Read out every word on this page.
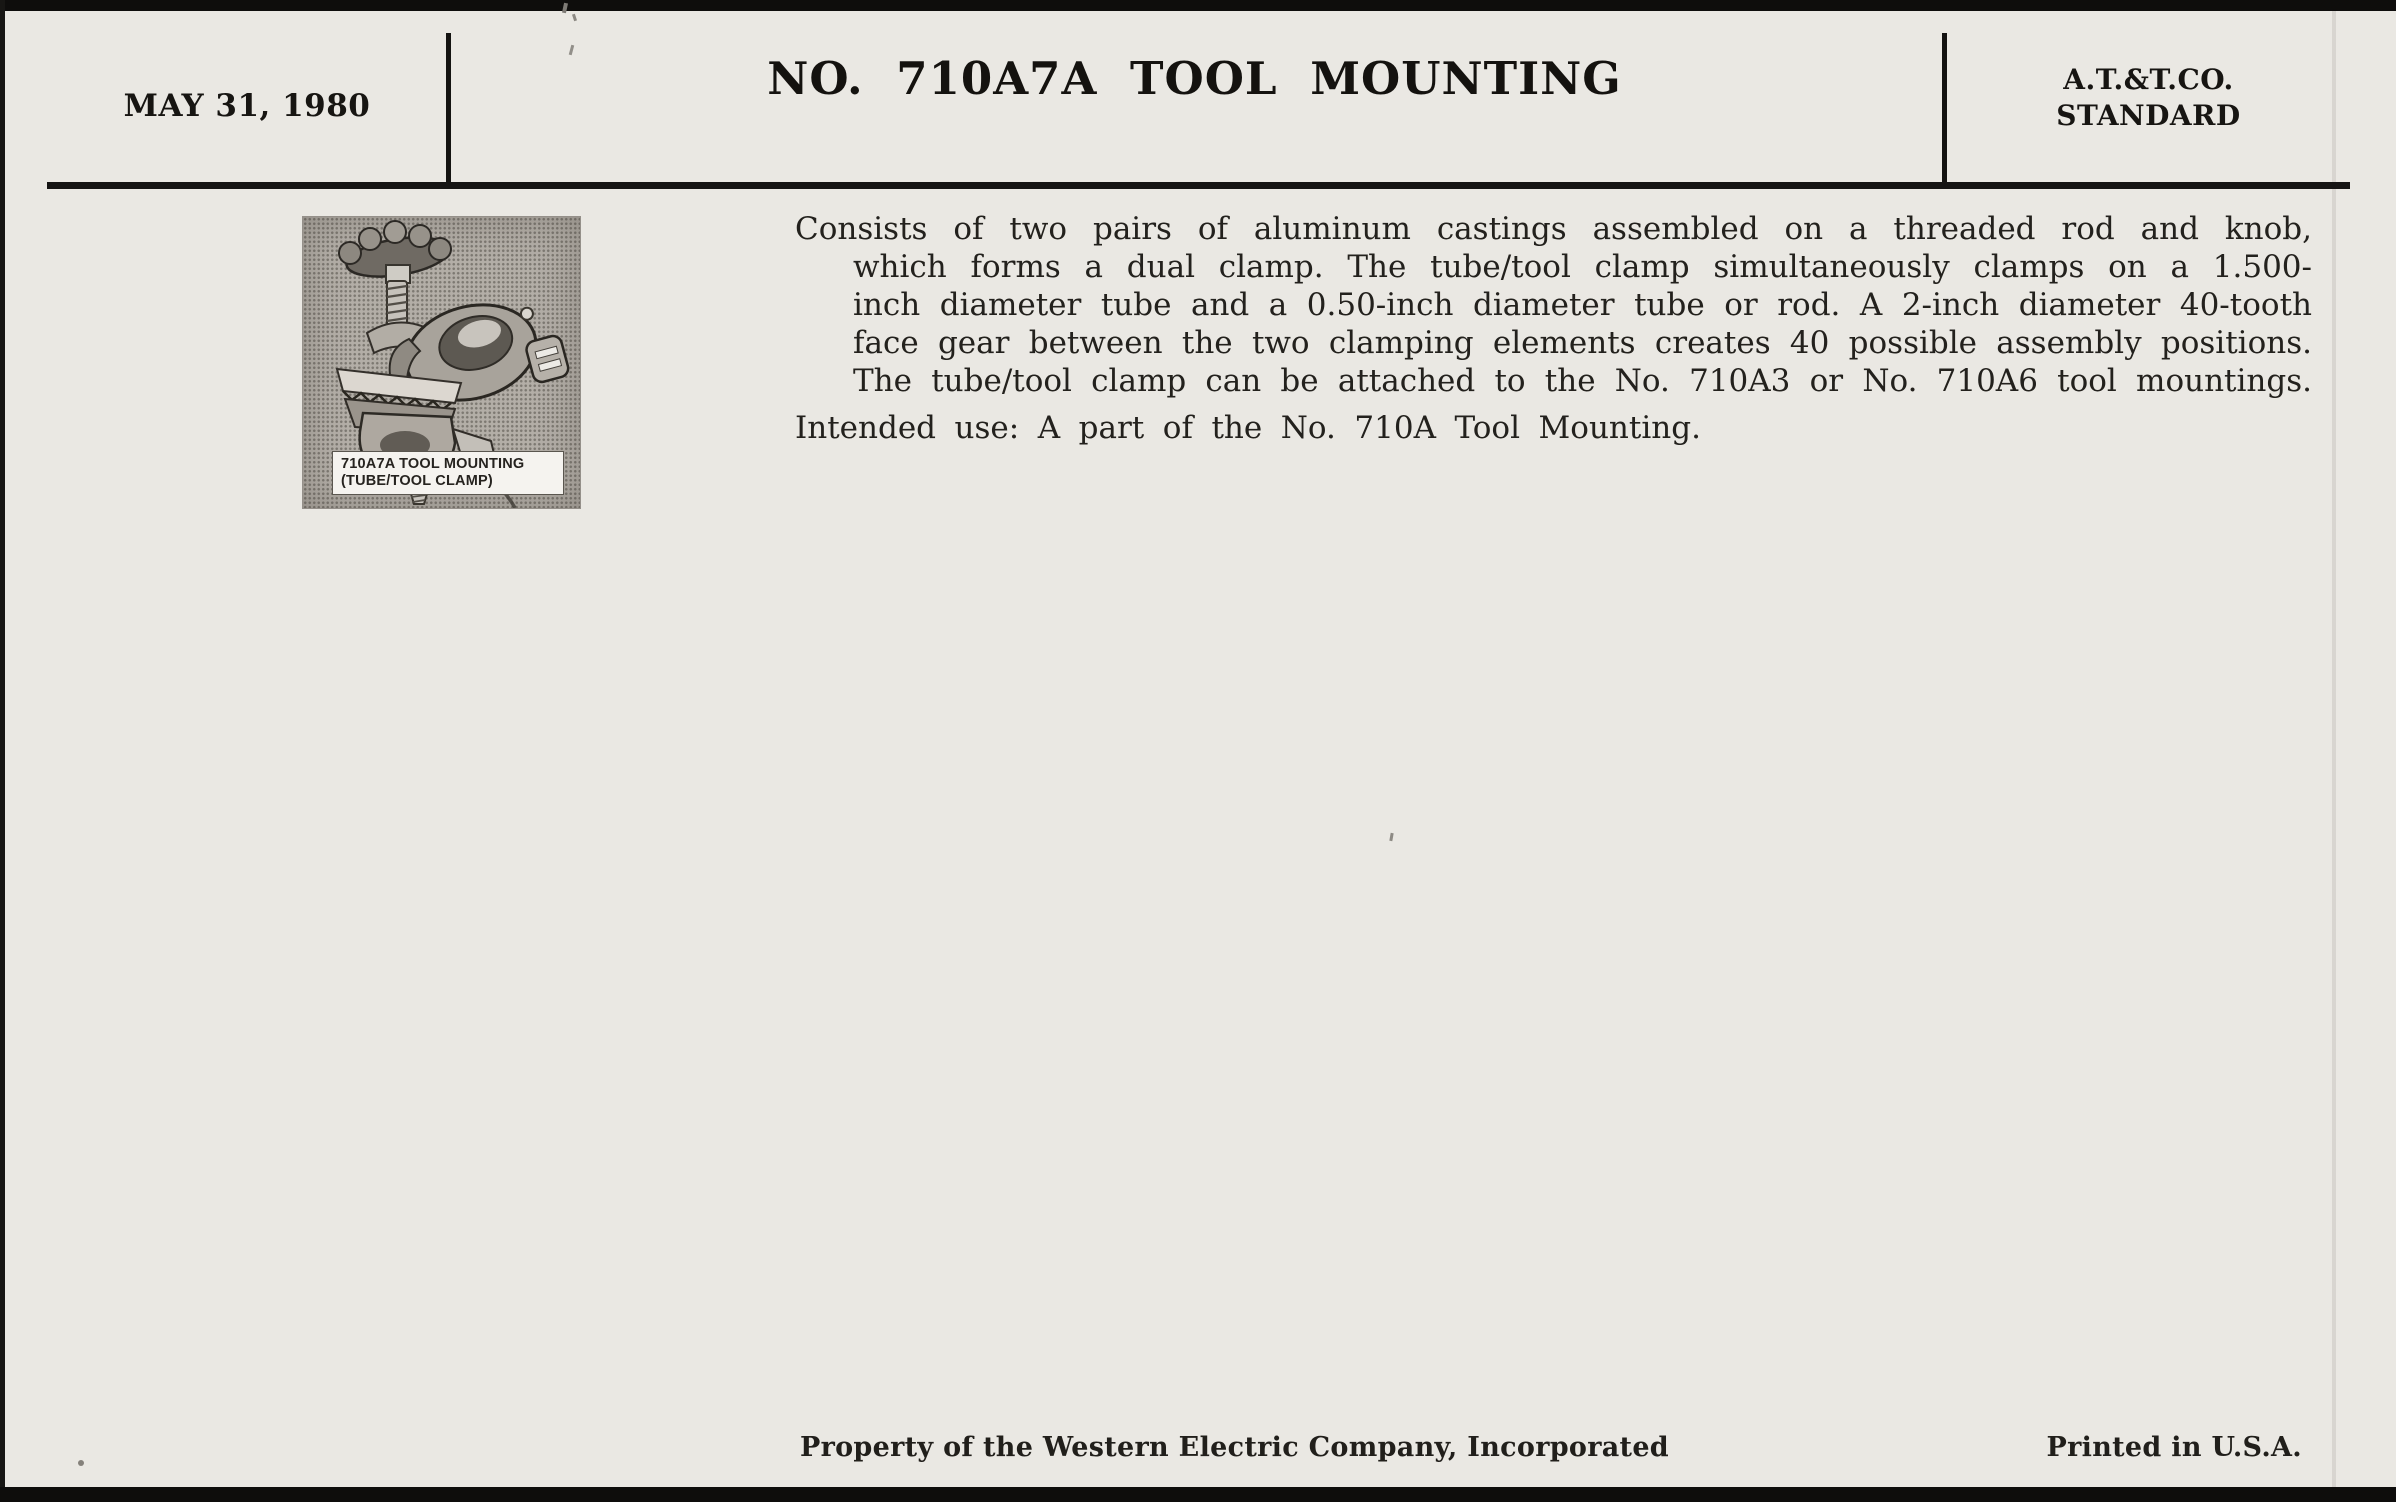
MAY 31, 1980
NO. 710A7A TOOL MOUNTING	A.T.&T.CO.
STANDARD
710A7A TOOL MOUNTING
(TUBE/TOOL CLAMP)
Consists of two pairs of aluminum castings assembled on a threaded rod and knob,
which forms a dual clamp. The tube/tool clamp simultaneously clamps on a 1.500-
inch diameter tube and a 0.50-inch diameter tube or rod. A 2-inch diameter 40-tooth
face gear between the two clamping elements creates 40 possible assembly positions.
The tube/tool clamp can be attached to the No. 710A3 or No. 710A6 tool mountings.
Intended use: A part of the No. 710A Tool Mounting.
Property of the Western Electric Company, Incorporated	Printed in U.S.A.
